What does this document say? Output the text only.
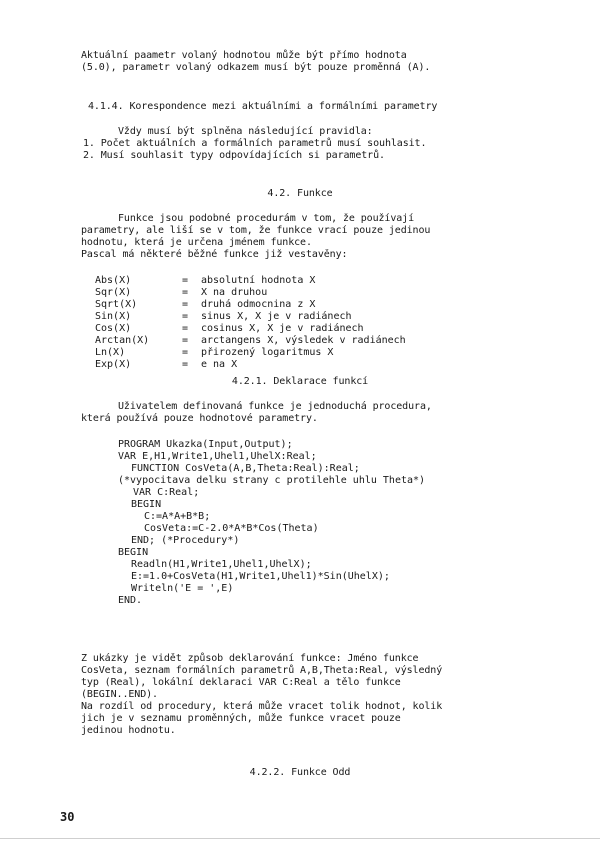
Aktuální paametr volaný hodnotou může být přímo hodnota
(5.0), parametr volaný odkazem musí být pouze proměnná (A).
4.1.4. Korespondence mezi aktuálními a formálními parametry
Vždy musí být splněna následující pravidla:
1. Počet aktuálních a formálních parametrů musí souhlasit.
2. Musí souhlasit typy odpovídajících si parametrů.
4.2. Funkce
Funkce jsou podobné procedurám v tom, že používají
parametry, ale liší se v tom, že funkce vrací pouze jedinou
hodnotu, která je určena jménem funkce.
Pascal má některé běžné funkce již vestavěny:
Abs(X)	= absolutní hodnota X
Sqr(X)	= X na druhou
Sqrt(X)	= druhá odmocnina z X
Sin(X)	= sinus X, X je v radiánech
Cos(X)	= cosinus X, X je v radiánech
Arctan(X)	= arctangens X, výsledek v radiánech
Ln(X)	= přirozený logaritmus X
Exp(X)	= e na X
4.2.1. Deklarace funkcí
Uživatelem definovaná funkce je jednoduchá procedura,
která používá pouze hodnotové parametry.
PROGRAM Ukazka(Input,Output);
VAR E,H1,Write1,Uhel1,UhelX:Real;
FUNCTION CosVeta(A,B,Theta:Real):Real;
(*vypocitava delku strany c protilehle uhlu Theta*)
VAR C:Real;
BEGIN
C:=A*A+B*B;
CosVeta:=C-2.0*A*B*Cos(Theta)
END; (*Procedury*)
BEGIN
Readln(H1,Write1,Uhel1,UhelX);
E:=1.0+CosVeta(H1,Write1,Uhel1)*Sin(UhelX);
Writeln('E = ',E)
END.
Z ukázky je vidět způsob deklarování funkce: Jméno funkce
CosVeta, seznam formálních parametrů A,B,Theta:Real, výsledný
typ (Real), lokální deklaraci VAR C:Real a tělo funkce
(BEGIN..END).
Na rozdíl od procedury, která může vracet tolik hodnot, kolik
jich je v seznamu proměnných, může funkce vracet pouze
jedinou hodnotu.
4.2.2. Funkce Odd
30
